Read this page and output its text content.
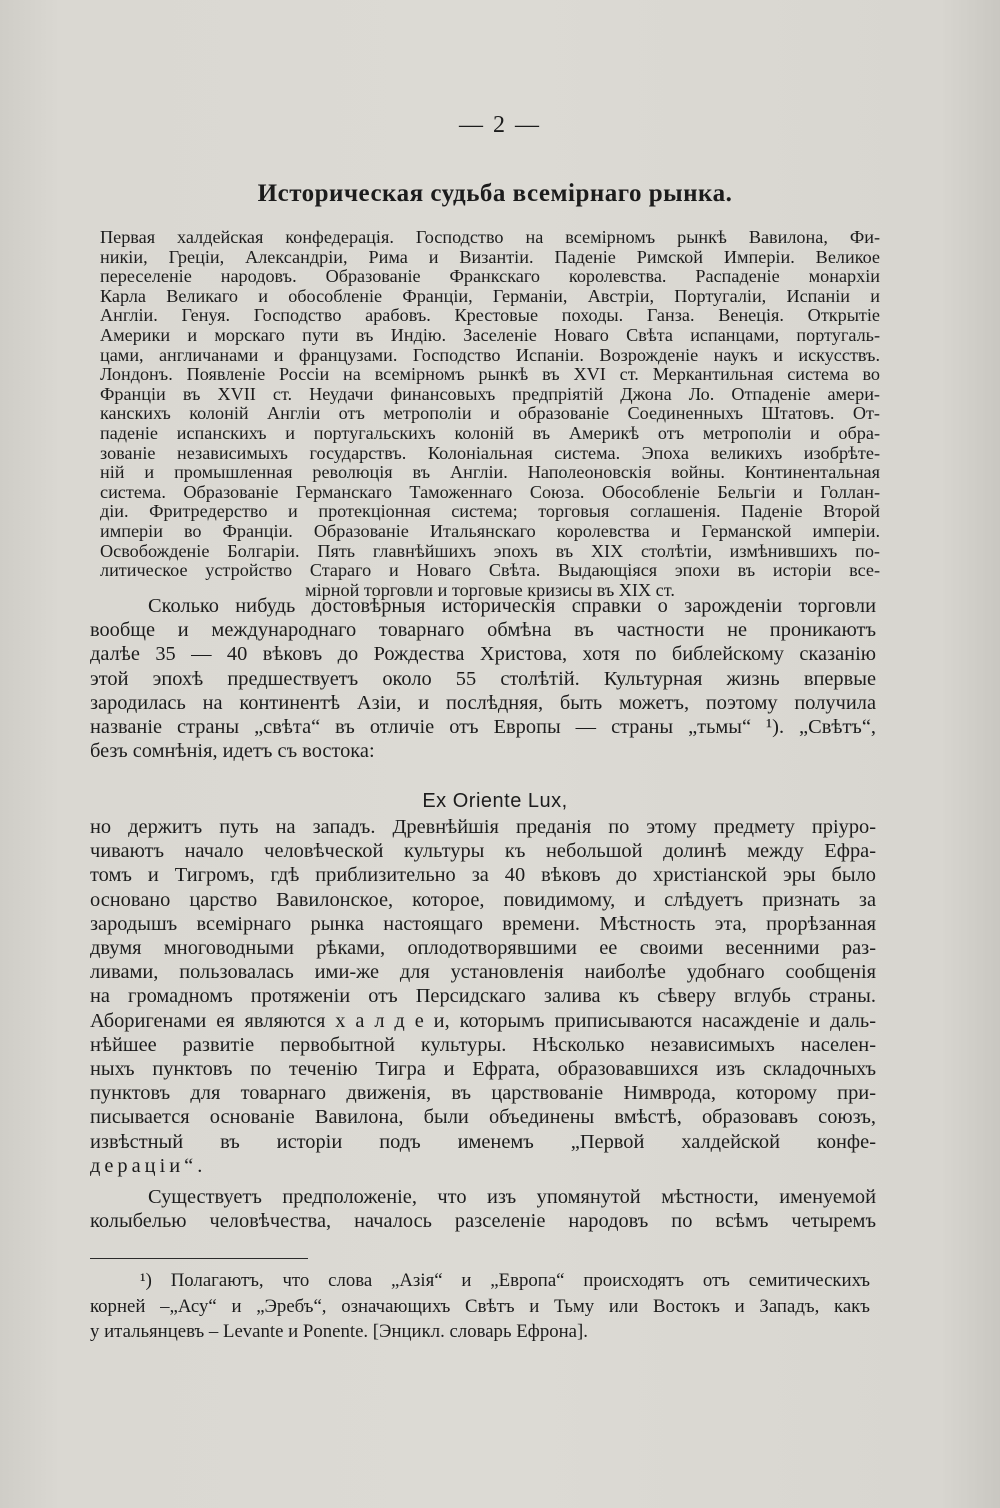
— 2 —
Историческая судьба всемірнаго рынка.
Первая халдейская конфедерація. Господство на всемірномъ рынкѣ Вавилона, Фи-
никіи, Греціи, Александріи, Рима и Византіи. Паденіе Римской Имперіи. Великое
переселеніе народовъ. Образованіе Франкскаго королевства. Распаденіе монархіи
Карла Великаго и обособленіе Франціи, Германіи, Австріи, Португаліи, Испаніи и
Англіи. Генуя. Господство арабовъ. Крестовые походы. Ганза. Венеція. Открытіе
Америки и морскаго пути въ Индію. Заселеніе Новаго Свѣта испанцами, португаль-
цами, англичанами и французами. Господство Испаніи. Возрожденіе наукъ и искусствъ.
Лондонъ. Появленіе Россіи на всемірномъ рынкѣ въ XVI ст. Меркантильная система во
Франціи въ XVII ст. Неудачи финансовыхъ предпріятій Джона Ло. Отпаденіе амери-
канскихъ колоній Англіи отъ метрополіи и образованіе Соединенныхъ Штатовъ. От-
паденіе испанскихъ и португальскихъ колоній въ Америкѣ отъ метрополіи и обра-
зованіе независимыхъ государствъ. Колоніальная система. Эпоха великихъ изобрѣте-
ній и промышленная революція въ Англіи. Наполеоновскія войны. Континентальная
система. Образованіе Германскаго Таможеннаго Союза. Обособленіе Бельгіи и Голлан-
діи. Фритредерство и протекціонная система; торговыя соглашенія. Паденіе Второй
имперіи во Франціи. Образованіе Итальянскаго королевства и Германской имперіи.
Освобожденіе Болгаріи. Пять главнѣйшихъ эпохъ въ XIX столѣтіи, измѣнившихъ по-
литическое устройство Стараго и Новаго Свѣта. Выдающіяся эпохи въ исторіи все-
мірной торговли и торговые кризисы въ XIX ст.
Сколько нибудь достовѣрныя историческія справки о зарожденіи торговли
вообще и международнаго товарнаго обмѣна въ частности не проникаютъ
далѣе 35 — 40 вѣковъ до Рождества Христова, хотя по библейскому сказанію
этой эпохѣ предшествуетъ около 55 столѣтій. Культурная жизнь впервые
зародилась на континентѣ Азіи, и послѣдняя, быть можетъ, поэтому получила
названіе страны „свѣта“ въ отличіе отъ Европы — страны „тьмы“ ¹). „Свѣтъ“,
безъ сомнѣнія, идетъ съ востока:
Ex Oriente Lux,
но держитъ путь на западъ. Древнѣйшія преданія по этому предмету пріуро-
чиваютъ начало человѣческой культуры къ небольшой долинѣ между Ефра-
томъ и Тигромъ, гдѣ приблизительно за 40 вѣковъ до христіанской эры было
основано царство Вавилонское, которое, повидимому, и слѣдуетъ признать за
зародышъ всемірнаго рынка настоящаго времени. Мѣстность эта, прорѣзанная
двумя многоводными рѣками, оплодотворявшими ее своими весенними раз-
ливами, пользовалась ими-же для установленія наиболѣе удобнаго сообщенія
на громадномъ протяженіи отъ Персидскаго залива къ сѣверу вглубь страны.
Аборигенами ея являются х а л д е и, которымъ приписываются насажденіе и даль-
нѣйшее развитіе первобытной культуры. Нѣсколько независимыхъ населен-
ныхъ пунктовъ по теченію Тигра и Ефрата, образовавшихся изъ складочныхъ
пунктовъ для товарнаго движенія, въ царствованіе Нимврода, которому при-
писывается основаніе Вавилона, были объединены вмѣстѣ, образовавъ союзъ,
извѣстный въ исторіи подъ именемъ „Первой халдейской конфе-
дераціи“.
Существуетъ предположеніе, что изъ упомянутой мѣстности, именуемой
колыбелью человѣчества, началось разселеніе народовъ по всѣмъ четыремъ
¹) Полагаютъ, что слова „Азія“ и „Европа“ происходятъ отъ семитическихъ
корней –„Асу“ и „Эребъ“, означающихъ Свѣтъ и Тьму или Востокъ и Западъ, какъ
у итальянцевъ – Levante и Ponente. [Энцикл. словарь Ефрона].
